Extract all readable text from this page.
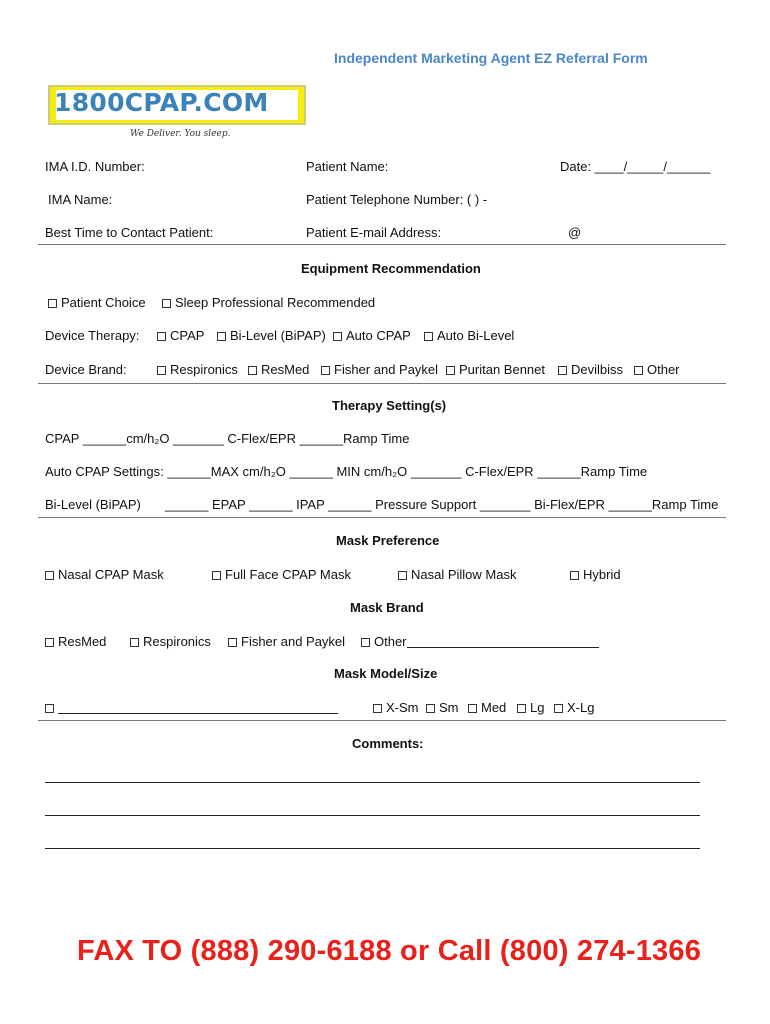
Independent Marketing Agent EZ Referral Form
1800CPAP.COM
We Deliver. You sleep.
IMA I.D. Number:	Patient Name:	Date: ____/_____/______
IMA Name:	Patient Telephone Number: ( ) -
Best Time to Contact Patient:	Patient E-mail Address:	@
Equipment Recommendation
Patient Choice	Sleep Professional Recommended
Device Therapy:	CPAP	Bi-Level (BiPAP)	Auto CPAP	Auto Bi-Level
Device Brand:	Respironics	ResMed	Fisher and Paykel	Puritan Bennet	Devilbiss	Other
Therapy Setting(s)
CPAP ______cm/h₂O _______ C-Flex/EPR ______Ramp Time
Auto CPAP Settings: ______MAX cm/h₂O ______ MIN cm/h₂O _______ C-Flex/EPR ______Ramp Time
Bi-Level (BiPAP) ______ EPAP ______ IPAP ______ Pressure Support _______ Bi-Flex/EPR ______Ramp Time
Mask Preference
Nasal CPAP Mask	Full Face CPAP Mask	Nasal Pillow Mask	Hybrid
Mask Brand
ResMed	Respironics	Fisher and Paykel	Other
Mask Model/Size
X-Sm	Sm	Med	Lg	X-Lg
Comments:
FAX TO (888) 290-6188 or Call (800) 274-1366
